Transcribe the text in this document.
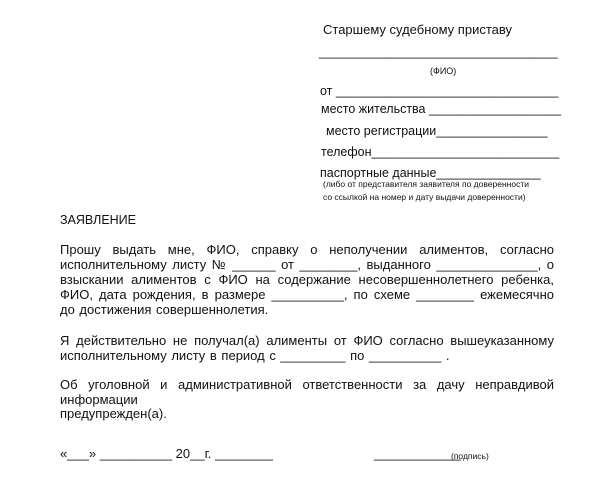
Старшему судебному приставу
_________________________________
(ФИО)
от ________________________________
место жительства ___________________
место регистрации________________
телефон___________________________
паспортные данные_______________
(либо от представителя заявителя по доверенности
со ссылкой на номер и дату выдачи доверенности)
ЗАЯВЛЕНИЕ
Прошу выдать мне, ФИО, справку о неполучении алиментов, согласно исполнительному листу № ______ от ________, выданного ______________, о взыскании алиментов с ФИО на содержание несовершеннолетнего ребенка, ФИО, дата рождения, в размере __________, по схеме ________ ежемесячно до достижения совершеннолетия.
Я действительно не получал(а) алименты от ФИО согласно вышеуказанному исполнительному листу в период с _________ по __________ .
Об уголовной и административной ответственности за дачу неправдивой информации
предупрежден(а).
«___» __________ 20__г. ________	____________
(подпись)
